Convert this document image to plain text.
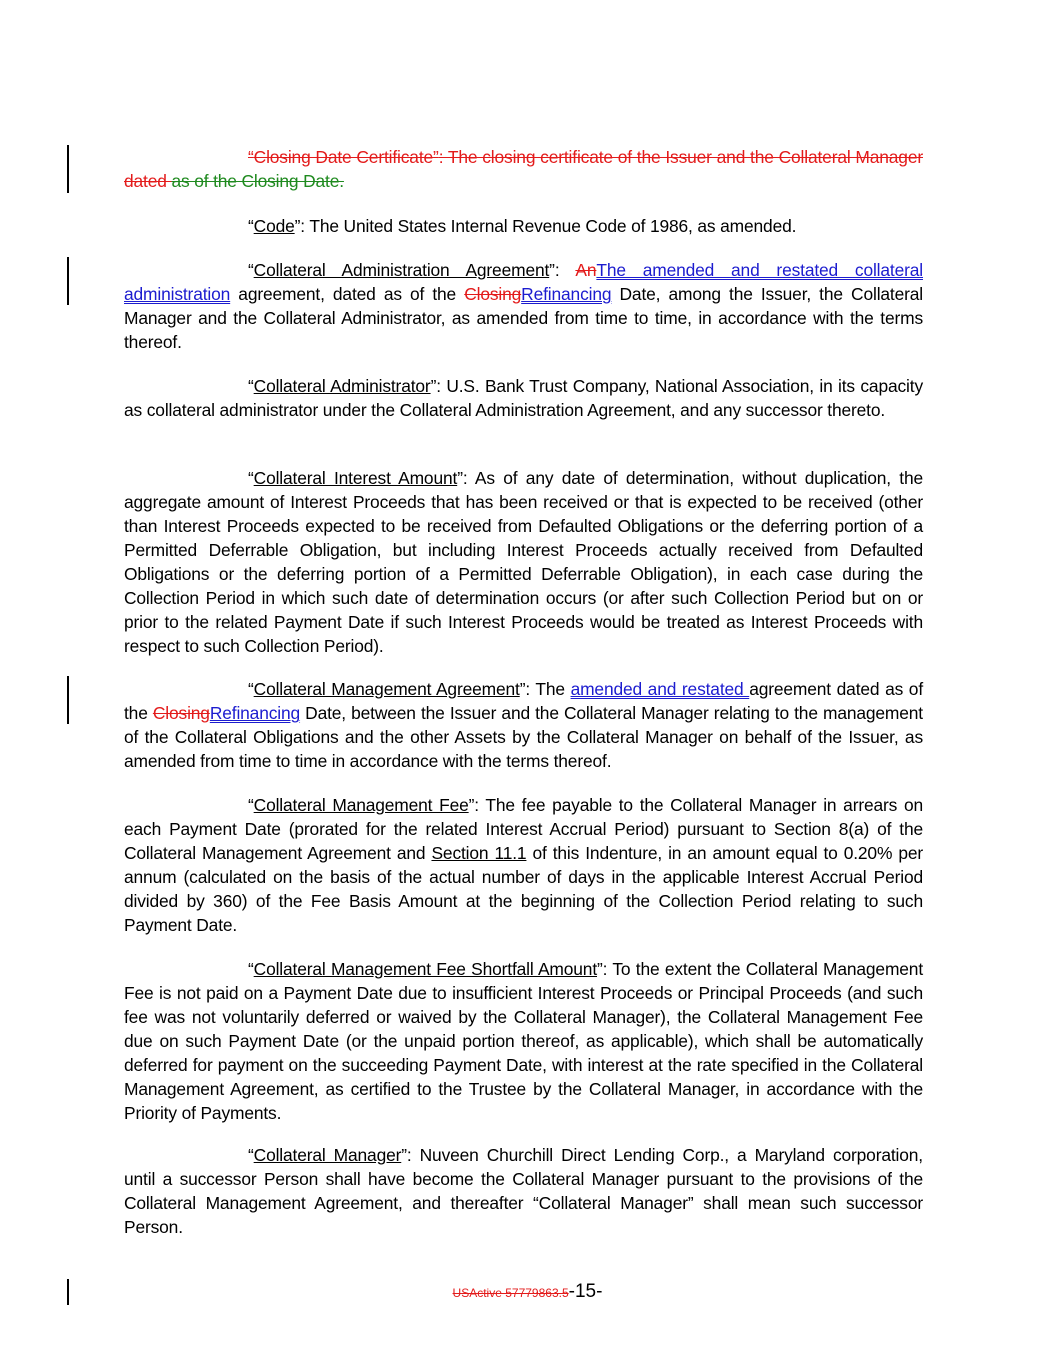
“Closing Date Certificate”: The closing certificate of the Issuer and the Collateral Manager dated as of the Closing Date.

“Code”: The United States Internal Revenue Code of 1986, as amended.

“Collateral Administration Agreement”: AnThe amended and restated collateral administration agreement, dated as of the ClosingRefinancing Date, among the Issuer, the Collateral Manager and the Collateral Administrator, as amended from time to time, in accordance with the terms thereof.

“Collateral Administrator”: U.S. Bank Trust Company, National Association, in its capacity as collateral administrator under the Collateral Administration Agreement, and any successor thereto.

“Collateral Interest Amount”: As of any date of determination, without duplication, the aggregate amount of Interest Proceeds that has been received or that is expected to be received (other than Interest Proceeds expected to be received from Defaulted Obligations or the deferring portion of a Permitted Deferrable Obligation, but including Interest Proceeds actually received from Defaulted Obligations or the deferring portion of a Permitted Deferrable Obligation), in each case during the Collection Period in which such date of determination occurs (or after such Collection Period but on or prior to the related Payment Date if such Interest Proceeds would be treated as Interest Proceeds with respect to such Collection Period).

“Collateral Management Agreement”: The amended and restated agreement dated as of the ClosingRefinancing Date, between the Issuer and the Collateral Manager relating to the management of the Collateral Obligations and the other Assets by the Collateral Manager on behalf of the Issuer, as amended from time to time in accordance with the terms thereof.

“Collateral Management Fee”: The fee payable to the Collateral Manager in arrears on each Payment Date (prorated for the related Interest Accrual Period) pursuant to Section 8(a) of the Collateral Management Agreement and Section 11.1 of this Indenture, in an amount equal to 0.20% per annum (calculated on the basis of the actual number of days in the applicable Interest Accrual Period divided by 360) of the Fee Basis Amount at the beginning of the Collection Period relating to such Payment Date.

“Collateral Management Fee Shortfall Amount”: To the extent the Collateral Management Fee is not paid on a Payment Date due to insufficient Interest Proceeds or Principal Proceeds (and such fee was not voluntarily deferred or waived by the Collateral Manager), the Collateral Management Fee due on such Payment Date (or the unpaid portion thereof, as applicable), which shall be automatically deferred for payment on the succeeding Payment Date, with interest at the rate specified in the Collateral Management Agreement, as certified to the Trustee by the Collateral Manager, in accordance with the Priority of Payments.

“Collateral Manager”: Nuveen Churchill Direct Lending Corp., a Maryland corporation, until a successor Person shall have become the Collateral Manager pursuant to the provisions of the Collateral Management Agreement, and thereafter “Collateral Manager” shall mean such successor Person.

USActive 57779863.5-15-
